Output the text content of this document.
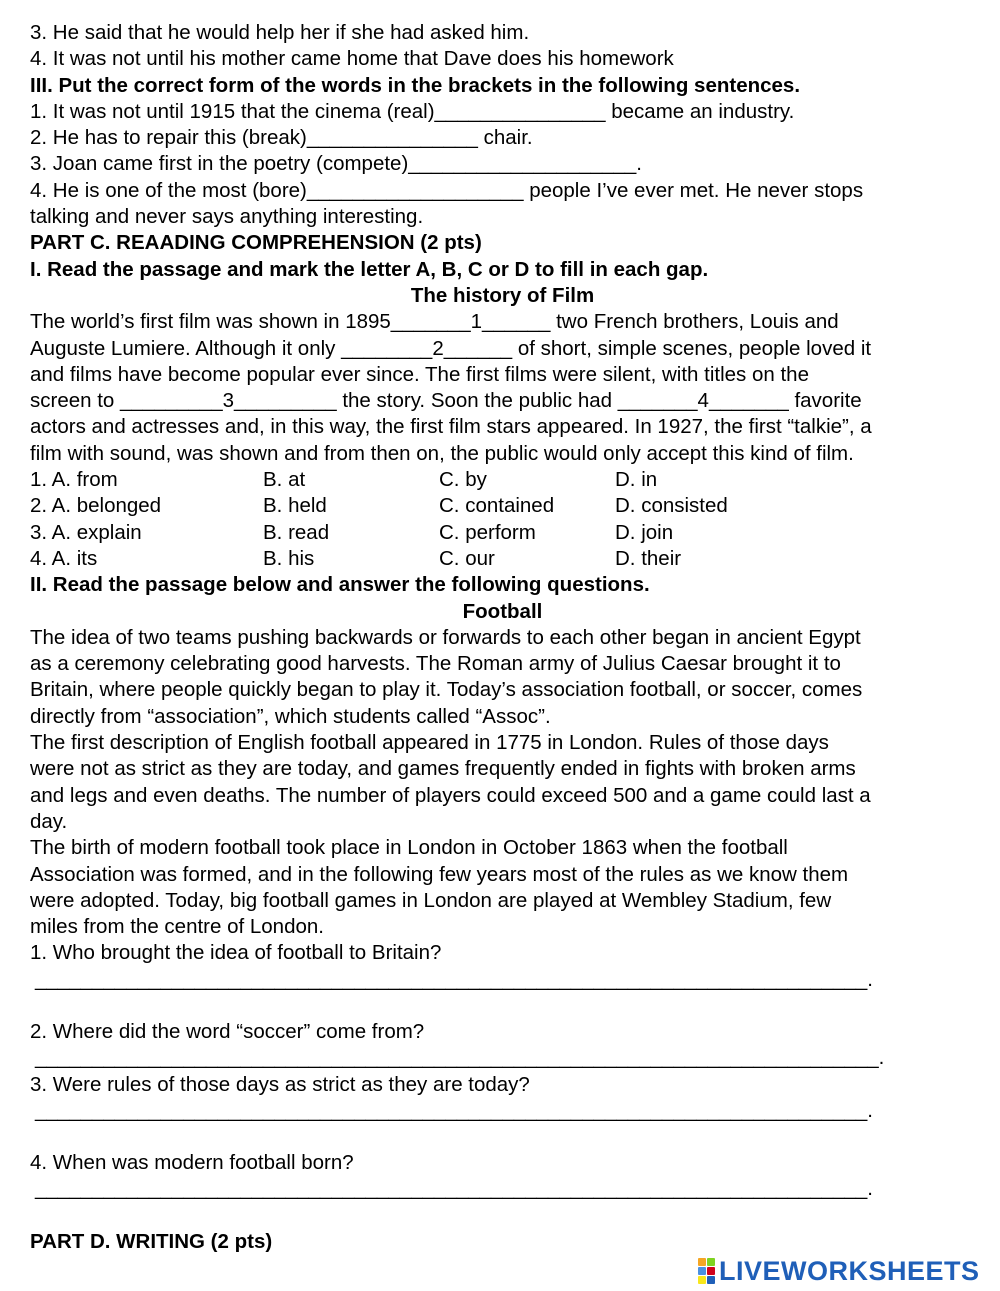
3. He said that he would help her if she had asked him.
4. It was not until his mother came home that Dave does his homework
III. Put the correct form of the words in the brackets in the following sentences.
1. It was not until 1915 that the cinema (real)_______________ became an industry.
2. He has to repair this (break)_______________ chair.
3. Joan came first in the poetry (compete)____________________.
4. He is one of the most (bore)___________________ people I’ve ever met. He never stops
talking and never says anything interesting.
PART C. REAADING COMPREHENSION (2 pts)
I. Read the passage and mark the letter A, B, C or D to fill in each gap.
The history of Film
The world’s first film was shown in 1895_______1______ two French brothers, Louis and
Auguste Lumiere. Although it only ________2______ of short, simple scenes, people loved it
and films have become popular ever since. The first films were silent, with titles on the
screen to _________3_________ the story. Soon the public had _______4_______ favorite
actors and actresses and, in this way, the first film stars appeared. In 1927, the first “talkie”, a
film with sound, was shown and from then on, the public would only accept this kind of film.
1. A. from	B. at	C. by	D. in
2. A. belonged	B. held	C. contained	D. consisted
3. A. explain	B. read	C. perform	D. join
4. A. its	B. his	C. our	D. their
II. Read the passage below and answer the following questions.
Football
The idea of two teams pushing backwards or forwards to each other began in ancient Egypt
as a ceremony celebrating good harvests. The Roman army of Julius Caesar brought it to
Britain, where people quickly began to play it. Today’s association football, or soccer, comes
directly from “association”, which students called “Assoc”.
The first description of English football appeared in 1775 in London. Rules of those days
were not as strict as they are today, and games frequently ended in fights with broken arms
and legs and even deaths. The number of players could exceed 500 and a game could last a
day.
The birth of modern football took place in London in October 1863 when the football
Association was formed, and in the following few years most of the rules as we know them
were adopted. Today, big football games in London are played at Wembley Stadium, few
miles from the centre of London.
1. Who brought the idea of football to Britain?
_________________________________________________________________________.
2. Where did the word “soccer” come from?
__________________________________________________________________________.
3. Were rules of those days as strict as they are today?
_________________________________________________________________________.
4. When was modern football born?
_________________________________________________________________________.
PART D. WRITING (2 pts)
LIVEWORKSHEETS
